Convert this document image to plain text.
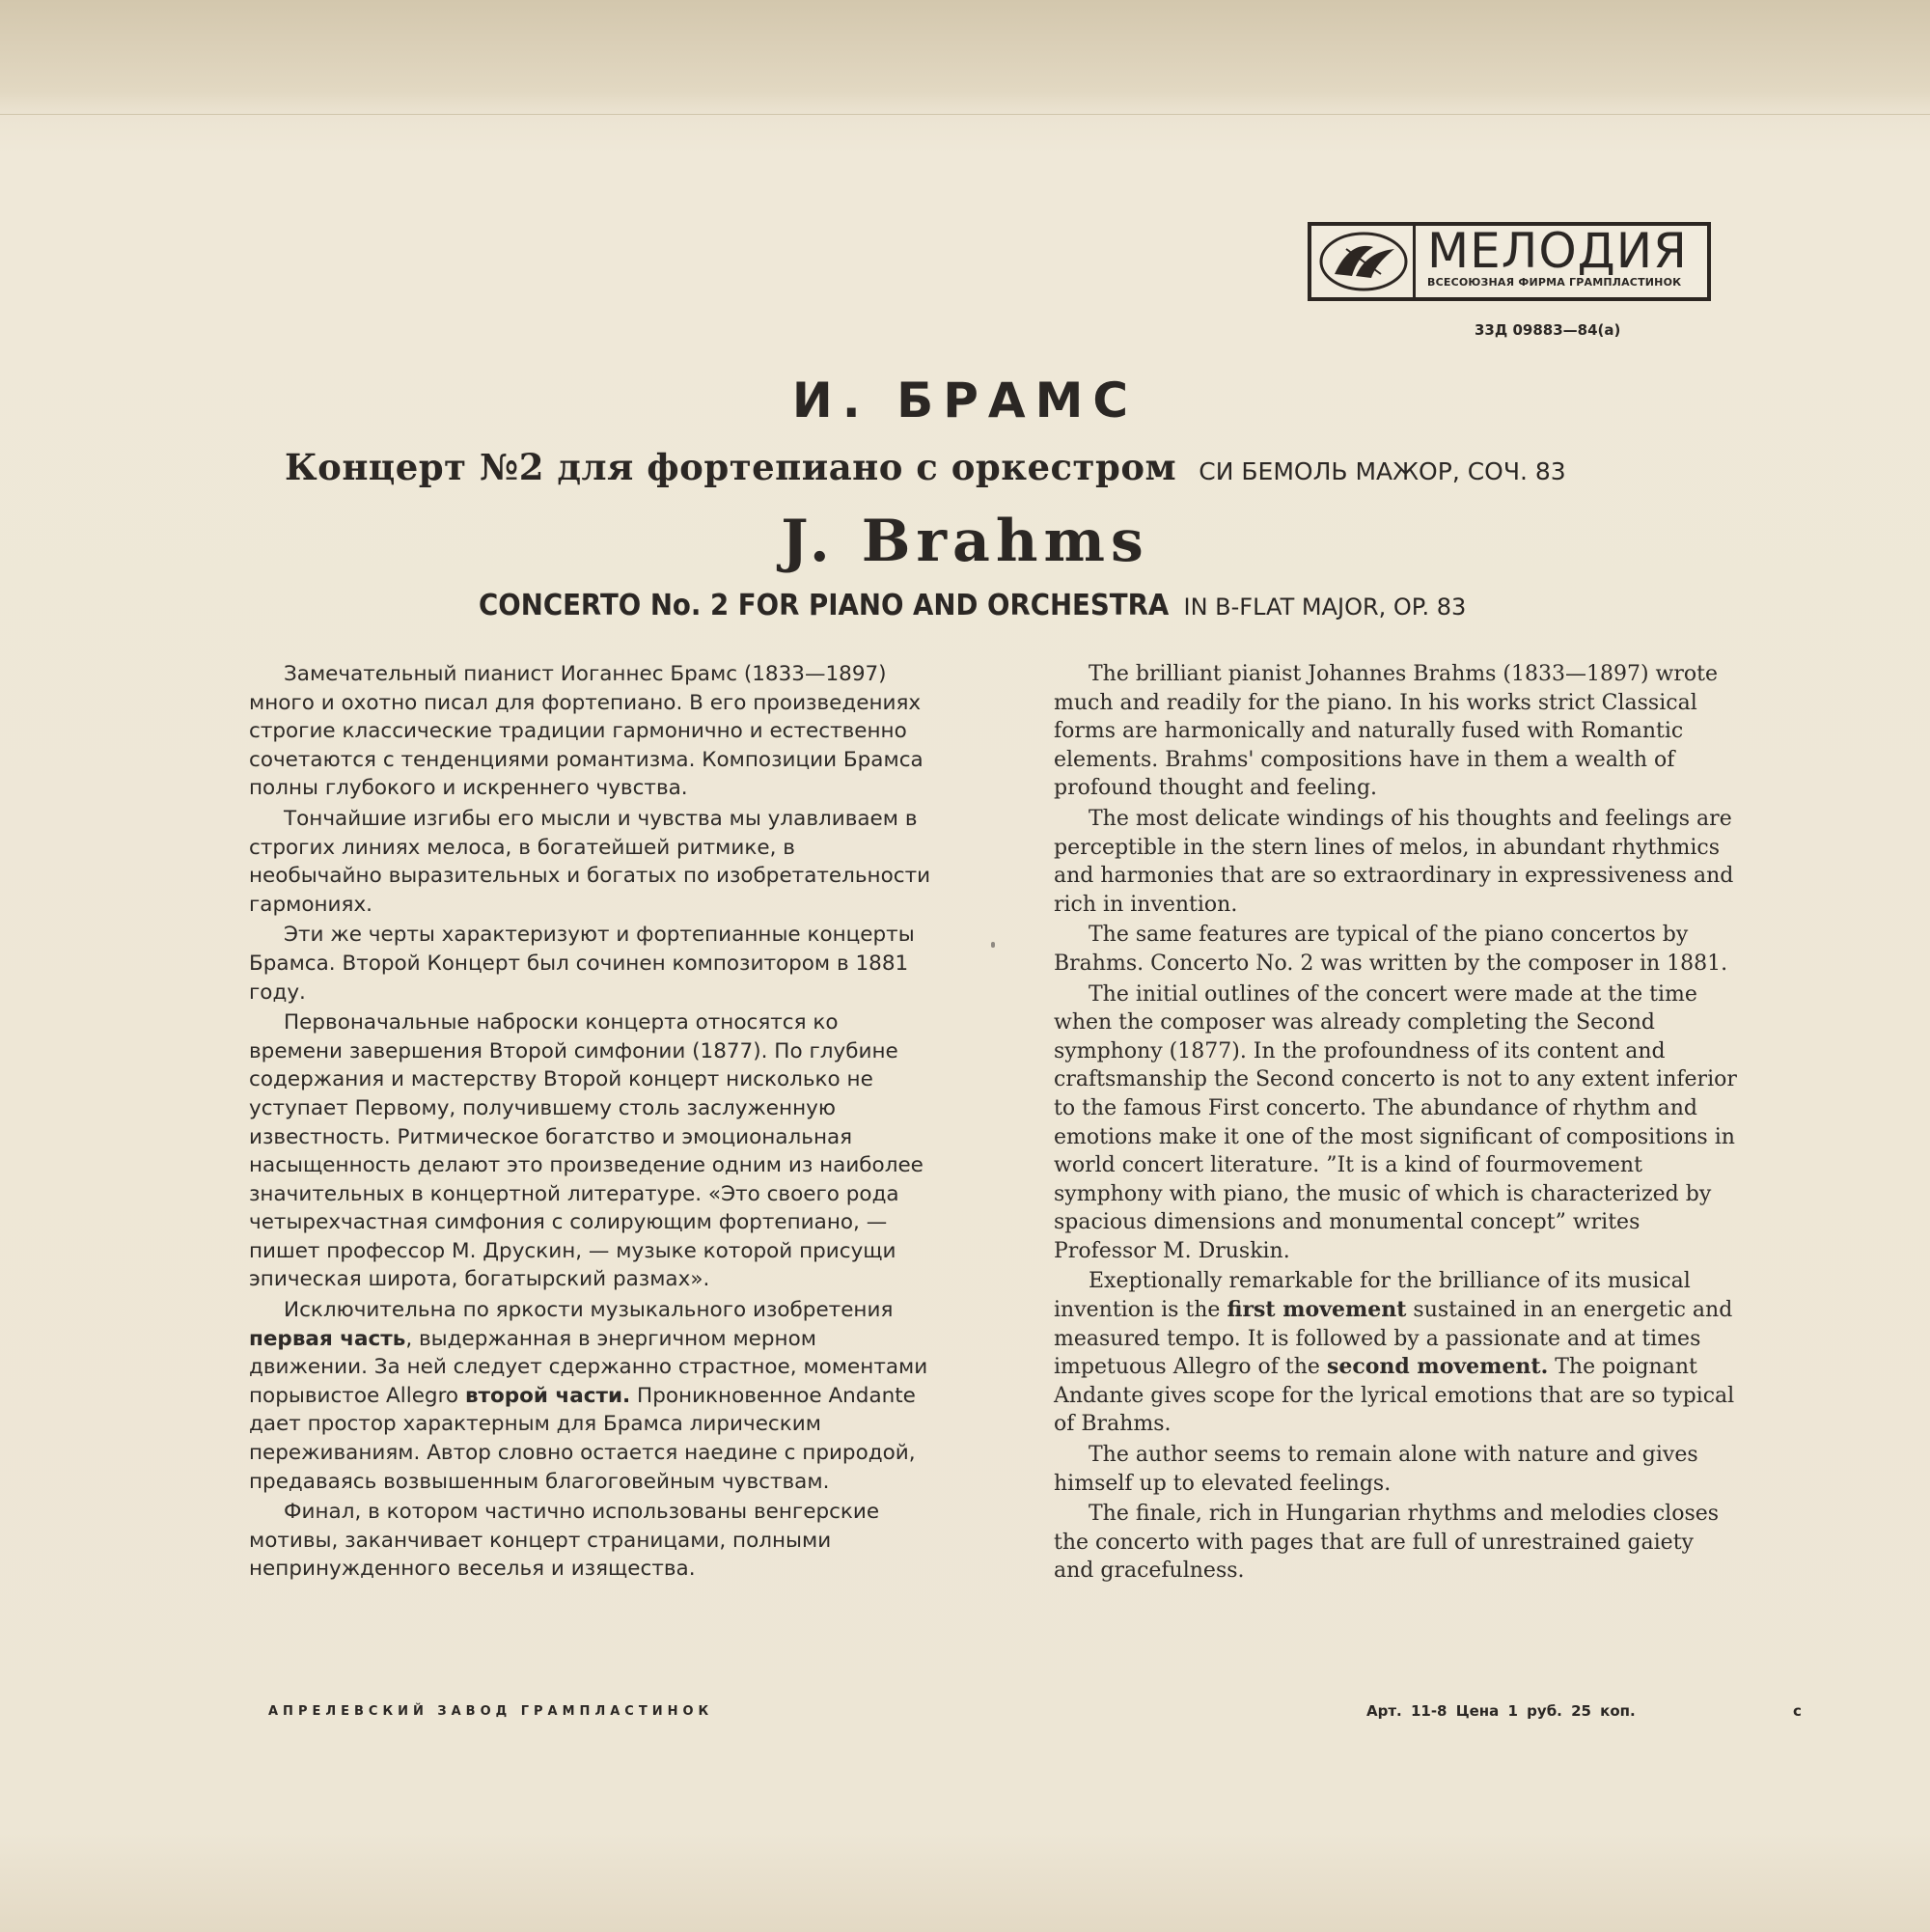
МЕЛОДИЯ
ВСЕСОЮЗНАЯ ФИРМА ГРАМПЛАСТИНОК
33Д 09883—84(а)
И. БРАМС
Концерт №2 для фортепиано с оркестром СИ БЕМОЛЬ МАЖОР, СОЧ. 83
J. Brahms
CONCERTO No. 2 FOR PIANO AND ORCHESTRA IN B-FLAT MAJOR, OP. 83

Замечательный пианист Иоганнес Брамс (1833—1897) много и охотно писал для фортепиано. В его произведениях строгие классические традиции гармонично и естественно сочетаются с тенденциями романтизма. Композиции Брамса полны глубокого и искреннего чувства.

Тончайшие изгибы его мысли и чувства мы улавливаем в строгих линиях мелоса, в богатейшей ритмике, в необычайно выразительных и богатых по изобретательности гармониях.

Эти же черты характеризуют и фортепианные концерты Брамса. Второй Концерт был сочинен композитором в 1881 году.

Первоначальные наброски концерта относятся ко времени завершения Второй симфонии (1877). По глубине содержания и мастерству Второй концерт нисколько не уступает Первому, получившему столь заслуженную известность. Ритмическое богатство и эмоциональная насыщенность делают это произведение одним из наиболее значительных в концертной литературе. «Это своего рода четырехчастная симфония с солирующим фортепиано, — пишет профессор М. Друскин, — музыке которой присущи эпическая широта, богатырский размах».

Исключительна по яркости музыкального изобретения первая часть, выдержанная в энергичном мерном движении. За ней следует сдержанно страстное, моментами порывистое Allegro второй части. Проникновенное Andante дает простор характерным для Брамса лирическим переживаниям. Автор словно остается наедине с природой, предаваясь возвышенным благоговейным чувствам.

Финал, в котором частично использованы венгерские мотивы, заканчивает концерт страницами, полными непринужденного веселья и изящества.

The brilliant pianist Johannes Brahms (1833—1897) wrote much and readily for the piano. In his works strict Classical forms are harmonically and naturally fused with Romantic elements. Brahms' compositions have in them a wealth of profound thought and feeling.

The most delicate windings of his thoughts and feelings are perceptible in the stern lines of melos, in abundant rhythmics and harmonies that are so extraordinary in expressiveness and rich in invention.

The same features are typical of the piano concertos by Brahms. Concerto No. 2 was written by the composer in 1881.

The initial outlines of the concert were made at the time when the composer was already completing the Second symphony (1877). In the profoundness of its content and craftsmanship the Second concerto is not to any extent inferior to the famous First concerto. The abundance of rhythm and emotions make it one of the most significant of compositions in world concert literature. ”It is a kind of fourmovement symphony with piano, the music of which is characterized by spacious dimensions and monumental concept” writes Professor M. Druskin.

Exeptionally remarkable for the brilliance of its musical invention is the first movement sustained in an energetic and measured tempo. It is followed by a passionate and at times impetuous Allegro of the second movement. The poignant Andante gives scope for the lyrical emotions that are so typical of Brahms.

The author seems to remain alone with nature and gives himself up to elevated feelings.

The finale, rich in Hungarian rhythms and melodies closes the concerto with pages that are full of unrestrained gaiety and gracefulness.

АПРЕЛЕВСКИЙ ЗАВОД ГРАМПЛАСТИНОК	Арт. 11-8 Цена 1 руб. 25 коп.	с
